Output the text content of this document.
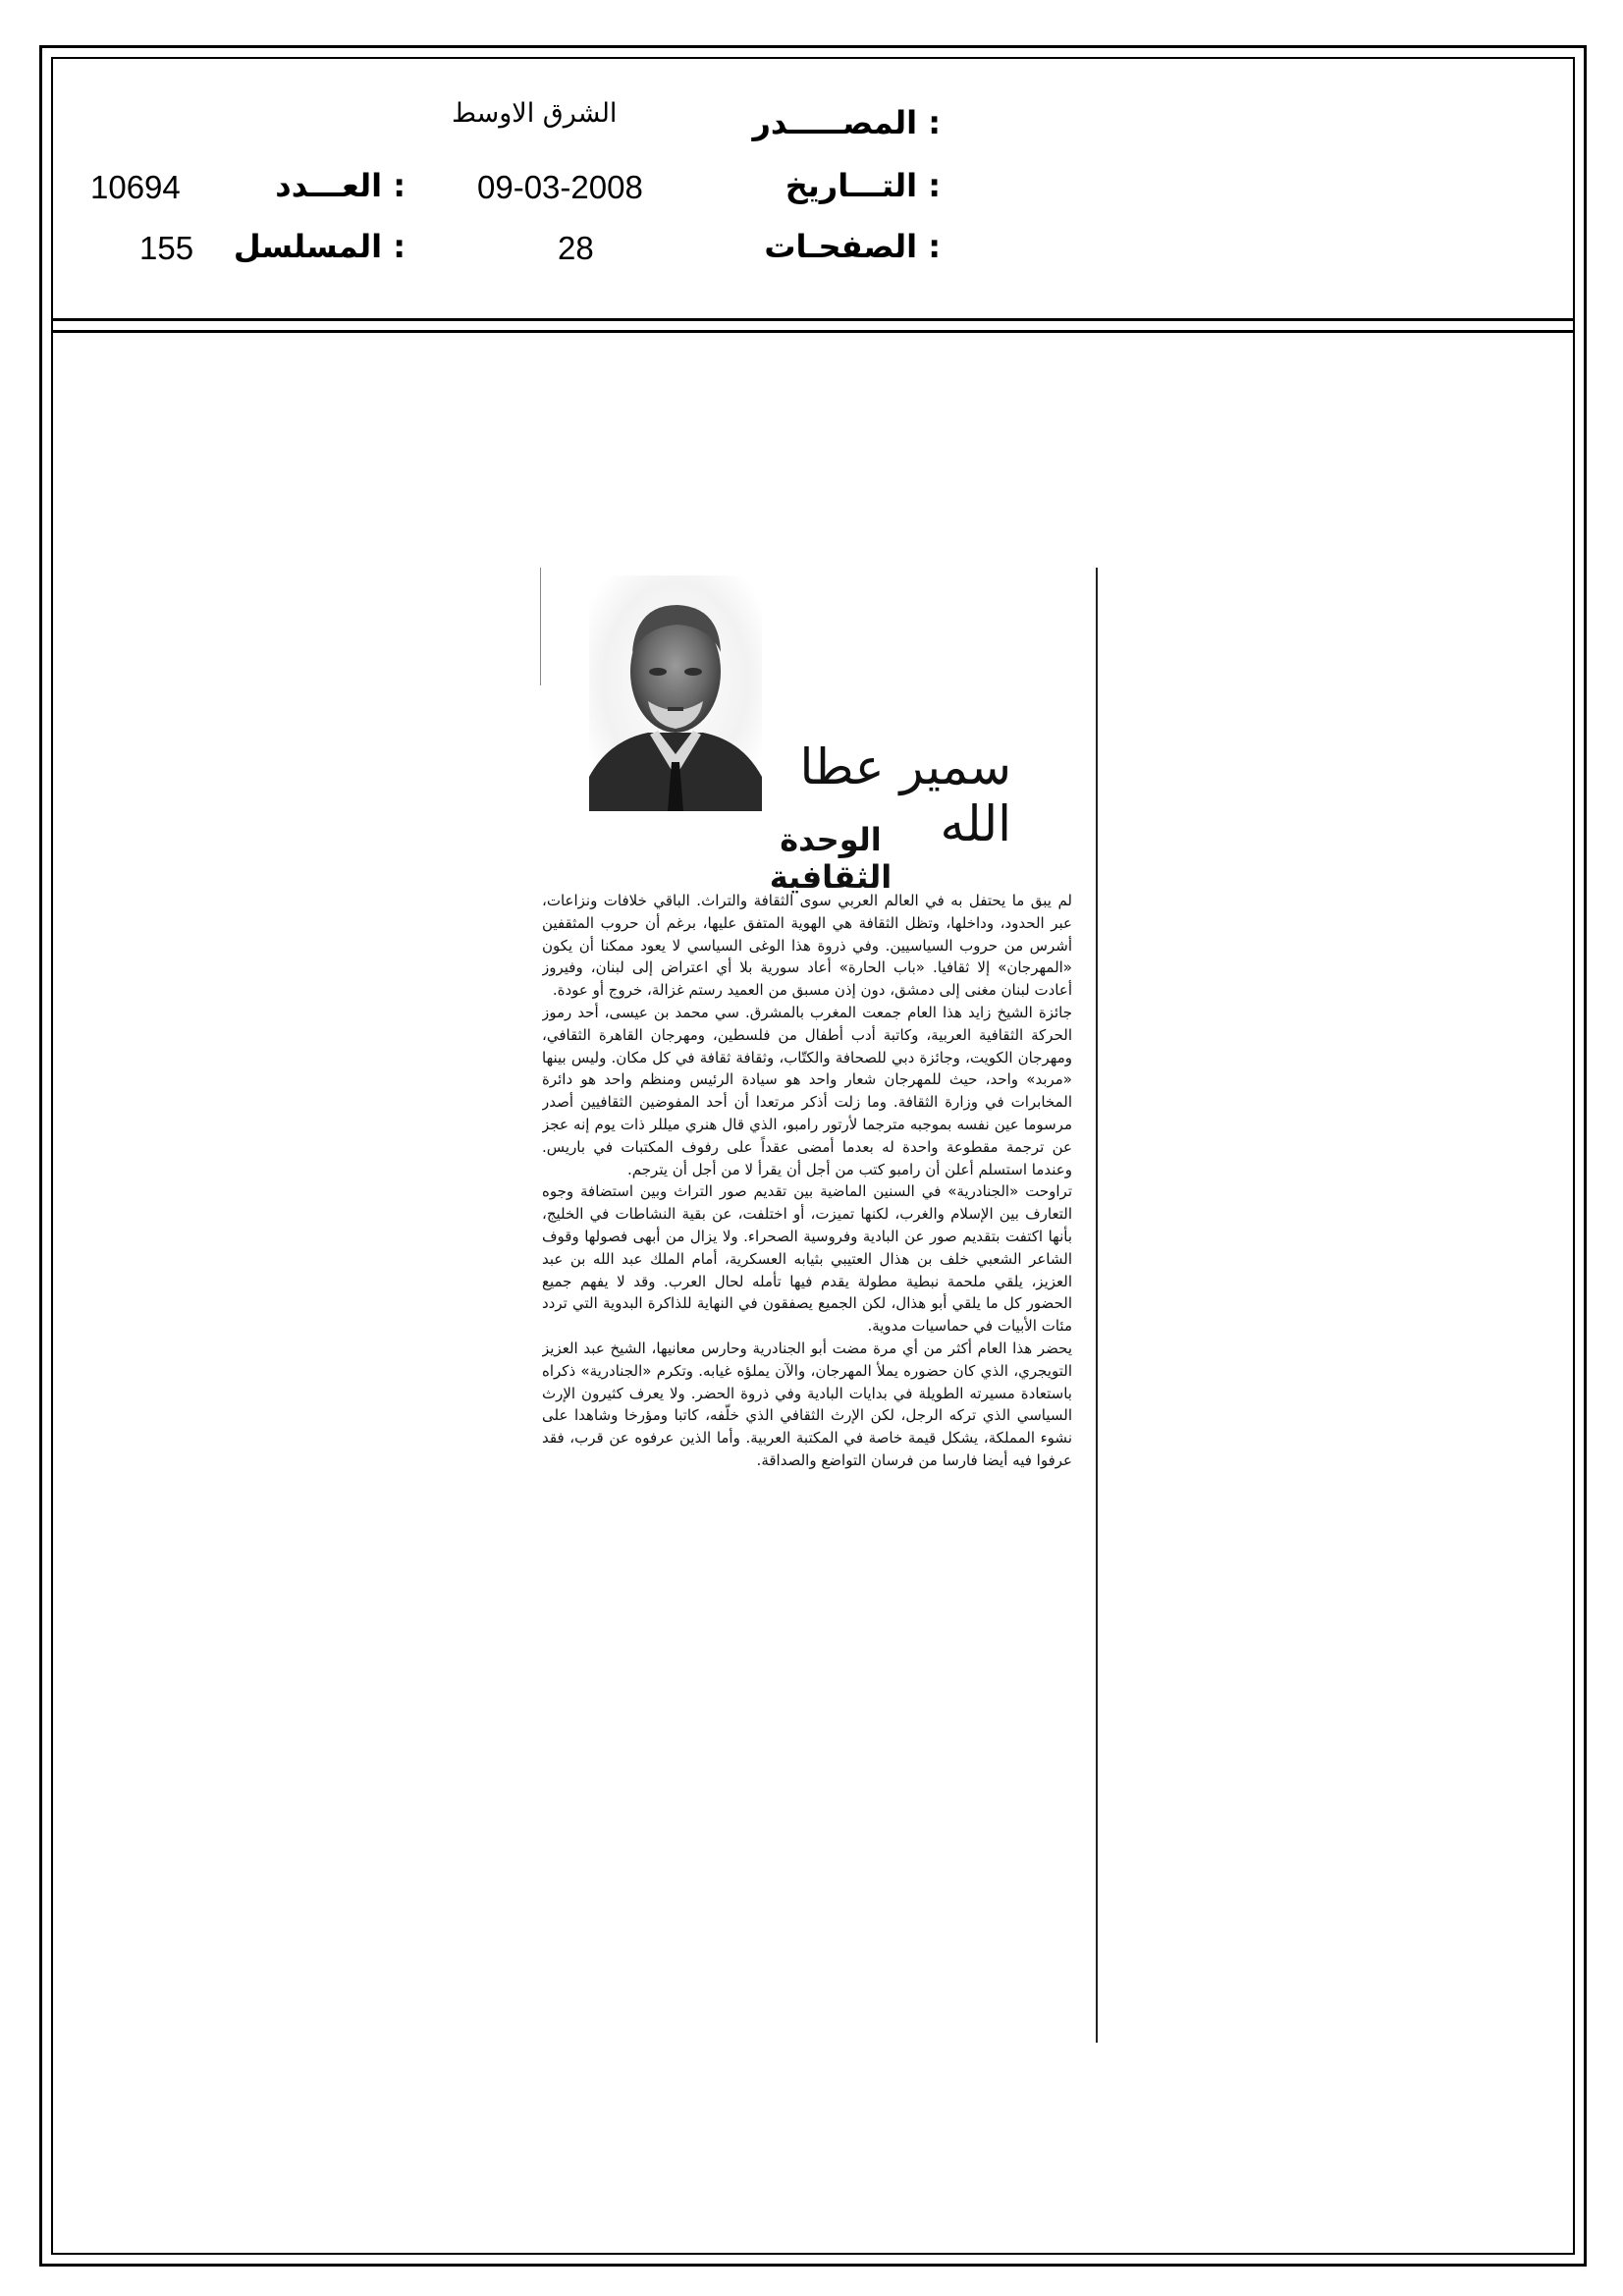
المصـــــدر :
الشرق الاوسط
التـــاريخ :
09-03-2008
العـــدد :
10694
الصفحـات :
28
المسلسل :
155
سمير عطا الله
الوحدة الثقافية

لم يبق ما يحتفل به في العالم العربي سوى الثقافة والتراث. الباقي خلافات ونزاعات، عبر الحدود، وداخلها، وتظل الثقافة هي الهوية المتفق عليها، برغم أن حروب المثقفين أشرس من حروب السياسيين. وفي ذروة هذا الوغى السياسي لا يعود ممكنا أن يكون «المهرجان» إلا ثقافيا. «باب الحارة» أعاد سورية بلا أي اعتراض إلى لبنان، وفيروز أعادت لبنان مغنى إلى دمشق، دون إذن مسبق من العميد رستم غزالة، خروج أو عودة.

جائزة الشيخ زايد هذا العام جمعت المغرب بالمشرق. سي محمد بن عيسى، أحد رموز الحركة الثقافية العربية، وكاتبة أدب أطفال من فلسطين، ومهرجان القاهرة الثقافي، ومهرجان الكويت، وجائزة دبي للصحافة والكتّاب، وثقافة ثقافة في كل مكان. وليس بينها «مربد» واحد، حيث للمهرجان شعار واحد هو سيادة الرئيس ومنظم واحد هو دائرة المخابرات في وزارة الثقافة. وما زلت أذكر مرتعدا أن أحد المفوضين الثقافيين أصدر مرسوما عين نفسه بموجبه مترجما لأرتور رامبو، الذي قال هنري ميللر ذات يوم إنه عجز عن ترجمة مقطوعة واحدة له بعدما أمضى عقداً على رفوف المكتبات في باريس. وعندما استسلم أعلن أن رامبو كتب من أجل أن يقرأ لا من أجل أن يترجم.

تراوحت «الجنادرية» في السنين الماضية بين تقديم صور التراث وبين استضافة وجوه التعارف بين الإسلام والغرب، لكنها تميزت، أو اختلفت، عن بقية النشاطات في الخليج، بأنها اكتفت بتقديم صور عن البادية وفروسية الصحراء. ولا يزال من أبهى فصولها وقوف الشاعر الشعبي خلف بن هذال العتيبي بثيابه العسكرية، أمام الملك عبد الله بن عبد العزيز، يلقي ملحمة نبطية مطولة يقدم فيها تأمله لحال العرب. وقد لا يفهم جميع الحضور كل ما يلقي أبو هذال، لكن الجميع يصفقون في النهاية للذاكرة البدوية التي تردد مئات الأبيات في حماسيات مدوية.

يحضر هذا العام أكثر من أي مرة مضت أبو الجنادرية وحارس معانيها، الشيخ عبد العزيز التويجري، الذي كان حضوره يملأ المهرجان، والآن يملؤه غيابه. وتكرم «الجنادرية» ذكراه باستعادة مسيرته الطويلة في بدايات البادية وفي ذروة الحضر. ولا يعرف كثيرون الإرث السياسي الذي تركه الرجل، لكن الإرث الثقافي الذي خلّفه، كاتبا ومؤرخا وشاهدا على نشوء المملكة، يشكل قيمة خاصة في المكتبة العربية. وأما الذين عرفوه عن قرب، فقد عرفوا فيه أيضا فارسا من فرسان التواضع والصداقة.
